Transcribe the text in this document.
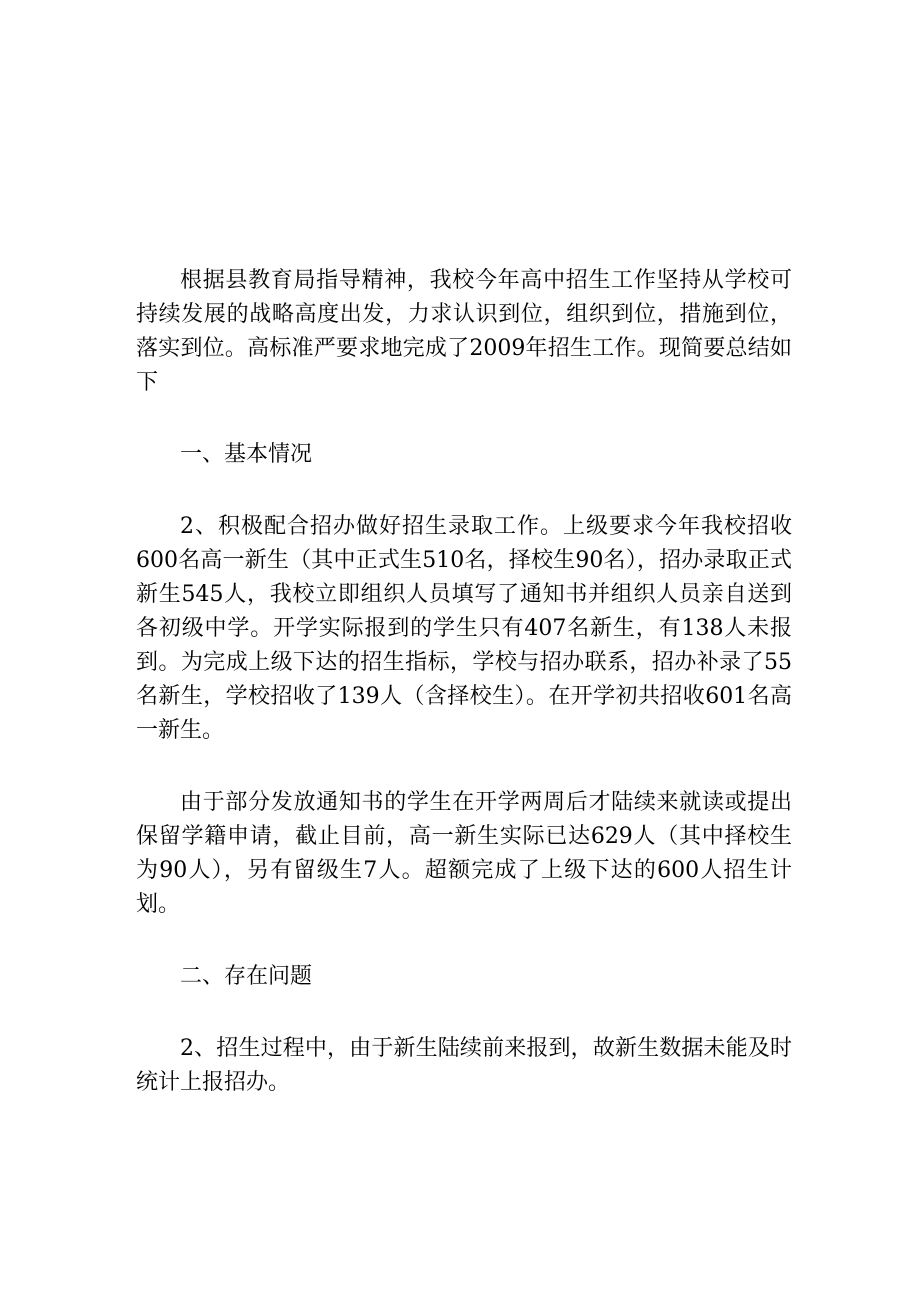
根据县教育局指导精神，我校今年高中招生工作坚持从学校可持续发展的战略高度出发，力求认识到位，组织到位，措施到位，落实到位。高标准严要求地完成了2009年招生工作。现简要总结如下

一、基本情况

2、积极配合招办做好招生录取工作。上级要求今年我校招收600名高一新生（其中正式生510名，择校生90名），招办录取正式新生545人，我校立即组织人员填写了通知书并组织人员亲自送到各初级中学。开学实际报到的学生只有407名新生，有138人未报到。为完成上级下达的招生指标，学校与招办联系，招办补录了55名新生，学校招收了139人（含择校生）。在开学初共招收601名高一新生。

由于部分发放通知书的学生在开学两周后才陆续来就读或提出保留学籍申请，截止目前，高一新生实际已达629人（其中择校生为90人），另有留级生7人。超额完成了上级下达的600人招生计划。

二、存在问题

2、招生过程中，由于新生陆续前来报到，故新生数据未能及时统计上报招办。
